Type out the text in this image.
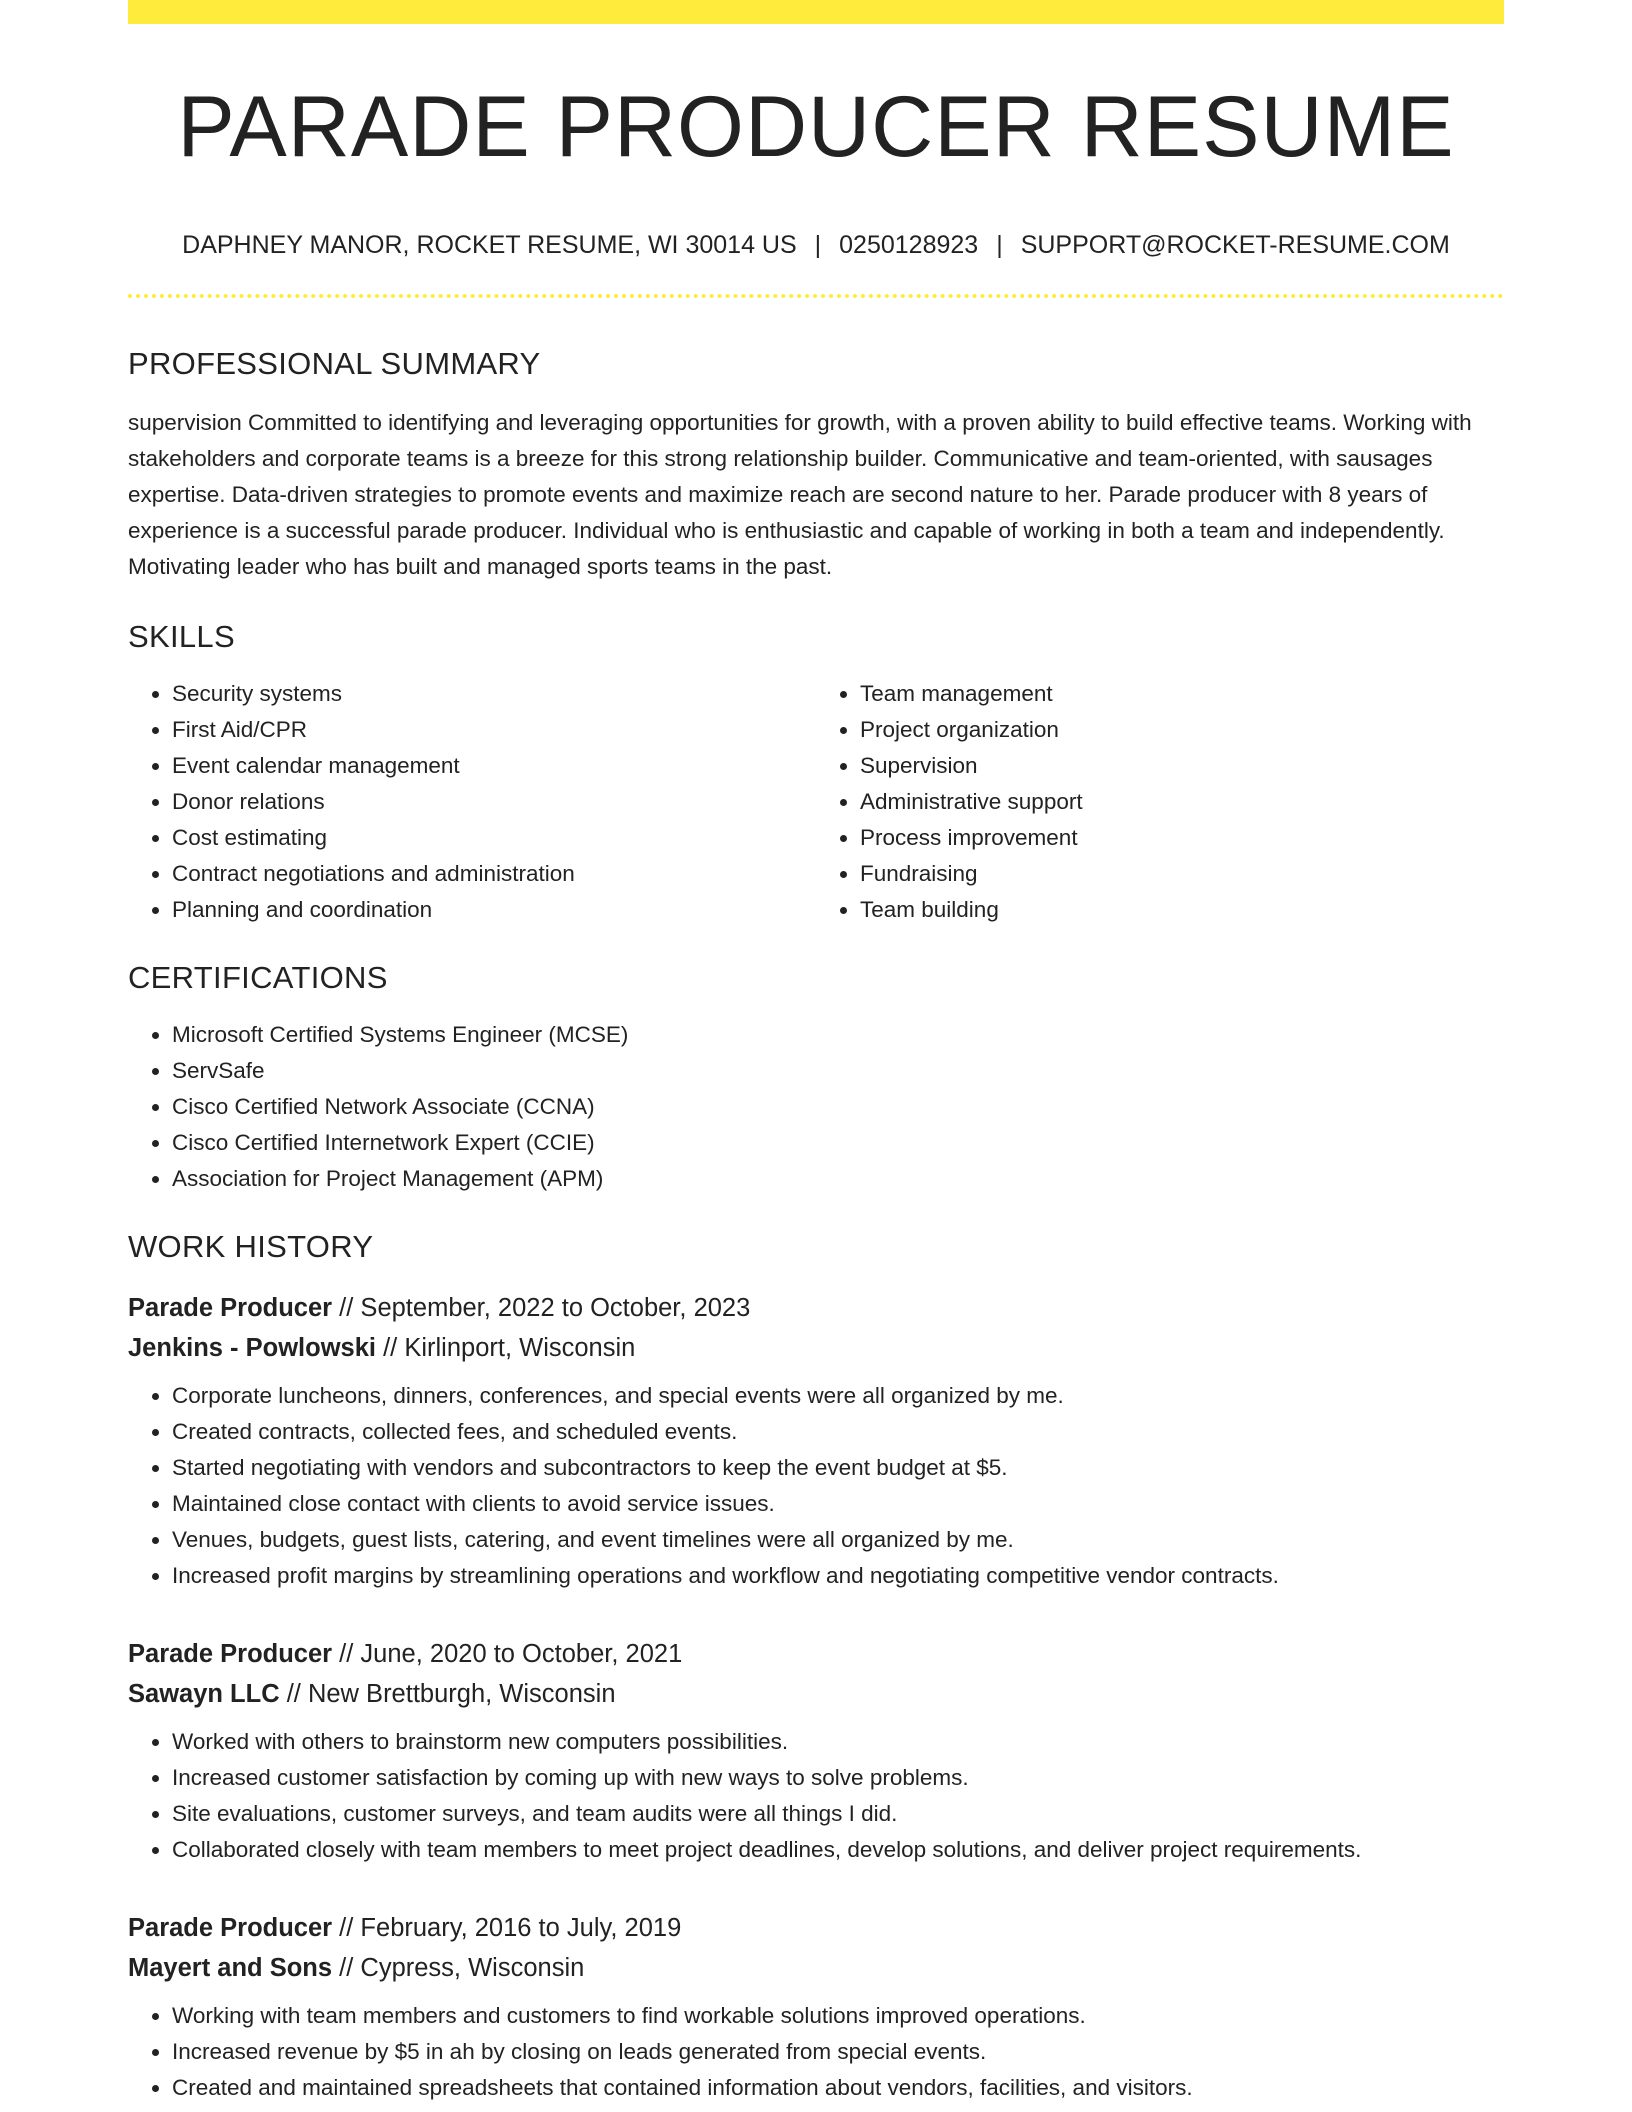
PARADE PRODUCER RESUME
DAPHNEY MANOR, ROCKET RESUME, WI 30014 US | 0250128923 | SUPPORT@ROCKET-RESUME.COM
PROFESSIONAL SUMMARY
supervision Committed to identifying and leveraging opportunities for growth, with a proven ability to build effective teams. Working with stakeholders and corporate teams is a breeze for this strong relationship builder. Communicative and team-oriented, with sausages expertise. Data-driven strategies to promote events and maximize reach are second nature to her. Parade producer with 8 years of experience is a successful parade producer. Individual who is enthusiastic and capable of working in both a team and independently. Motivating leader who has built and managed sports teams in the past.
SKILLS
• Security systems
• First Aid/CPR
• Event calendar management
• Donor relations
• Cost estimating
• Contract negotiations and administration
• Planning and coordination
• Team management
• Project organization
• Supervision
• Administrative support
• Process improvement
• Fundraising
• Team building
CERTIFICATIONS
• Microsoft Certified Systems Engineer (MCSE)
• ServSafe
• Cisco Certified Network Associate (CCNA)
• Cisco Certified Internetwork Expert (CCIE)
• Association for Project Management (APM)
WORK HISTORY
Parade Producer // September, 2022 to October, 2023
Jenkins - Powlowski // Kirlinport, Wisconsin
• Corporate luncheons, dinners, conferences, and special events were all organized by me.
• Created contracts, collected fees, and scheduled events.
• Started negotiating with vendors and subcontractors to keep the event budget at $5.
• Maintained close contact with clients to avoid service issues.
• Venues, budgets, guest lists, catering, and event timelines were all organized by me.
• Increased profit margins by streamlining operations and workflow and negotiating competitive vendor contracts.
Parade Producer // June, 2020 to October, 2021
Sawayn LLC // New Brettburgh, Wisconsin
• Worked with others to brainstorm new computers possibilities.
• Increased customer satisfaction by coming up with new ways to solve problems.
• Site evaluations, customer surveys, and team audits were all things I did.
• Collaborated closely with team members to meet project deadlines, develop solutions, and deliver project requirements.
Parade Producer // February, 2016 to July, 2019
Mayert and Sons // Cypress, Wisconsin
• Working with team members and customers to find workable solutions improved operations.
• Increased revenue by $5 in ah by closing on leads generated from special events.
• Created and maintained spreadsheets that contained information about vendors, facilities, and visitors.
